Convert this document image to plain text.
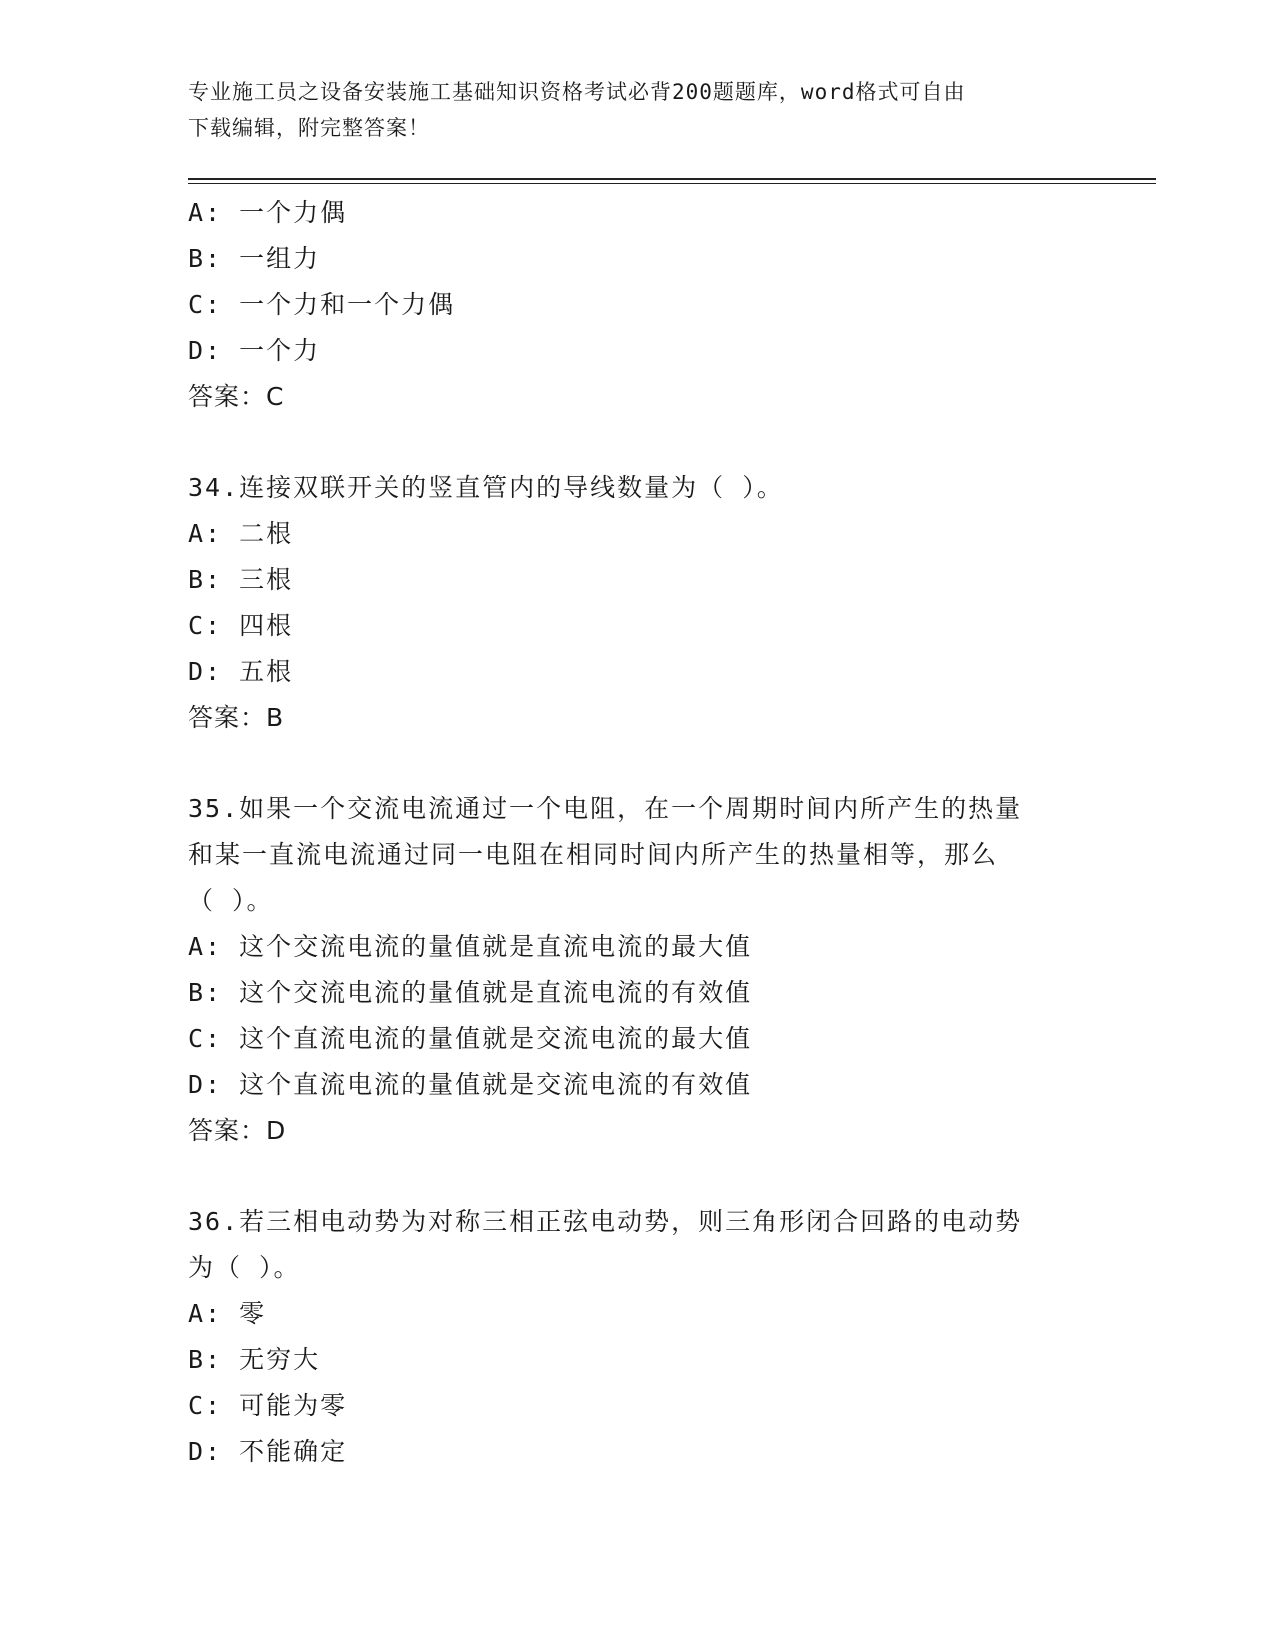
专业施工员之设备安装施工基础知识资格考试必背200题题库，word格式可自由
下载编辑，附完整答案！
A: 一个力偶
B: 一组力
C: 一个力和一个力偶
D: 一个力
答案：C
34.连接双联开关的竖直管内的导线数量为（ ）。
A: 二根
B: 三根
C: 四根
D: 五根
答案：B
35.如果一个交流电流通过一个电阻，在一个周期时间内所产生的热量
和某一直流电流通过同一电阻在相同时间内所产生的热量相等，那么
（ ）。
A: 这个交流电流的量值就是直流电流的最大值
B: 这个交流电流的量值就是直流电流的有效值
C: 这个直流电流的量值就是交流电流的最大值
D: 这个直流电流的量值就是交流电流的有效值
答案：D
36.若三相电动势为对称三相正弦电动势，则三角形闭合回路的电动势
为（ ）。
A: 零
B: 无穷大
C: 可能为零
D: 不能确定
